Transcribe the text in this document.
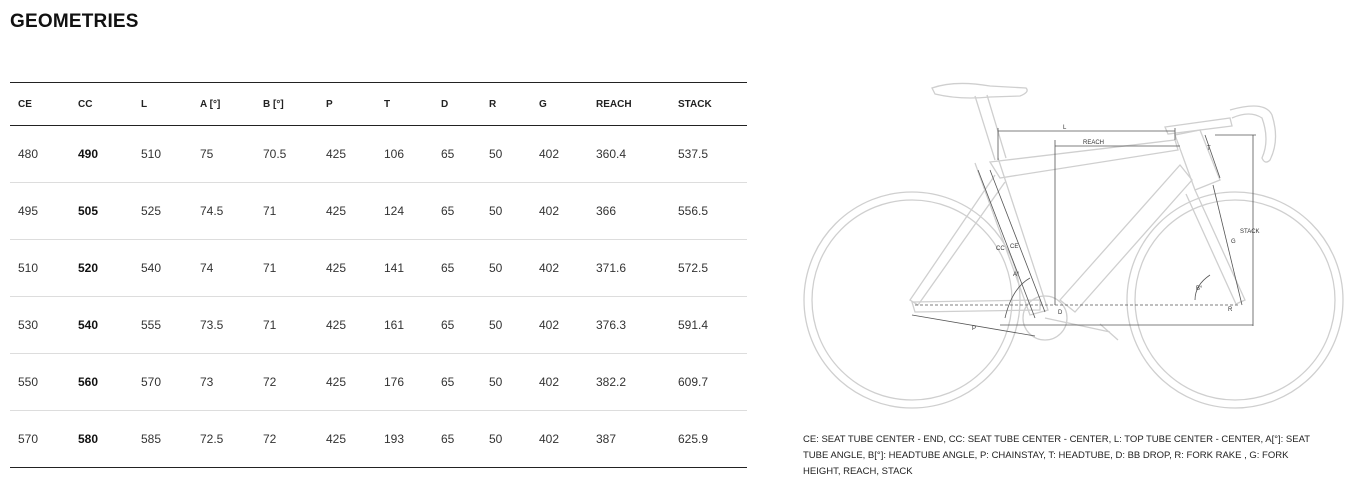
GEOMETRIES
CE	CC	L	A [°]	B [°]	P	T	D	R	G	REACH	STACK
480	490	510	75	70.5	425	106	65	50	402	360.4	537.5
495	505	525	74.5	71	425	124	65	50	402	366	556.5
510	520	540	74	71	425	141	65	50	402	371.6	572.5
530	540	555	73.5	71	425	161	65	50	402	376.3	591.4
550	560	570	73	72	425	176	65	50	402	382.2	609.7
570	580	585	72.5	72	425	193	65	50	402	387	625.9
L
REACH
T
STACK
G
CC CE
A°
B°
D
P
R
CE: SEAT TUBE CENTER - END, CC: SEAT TUBE CENTER - CENTER, L: TOP TUBE CENTER - CENTER, A[°]: SEAT TUBE ANGLE, B[°]: HEADTUBE ANGLE, P: CHAINSTAY, T: HEADTUBE, D: BB DROP, R: FORK RAKE , G: FORK HEIGHT, REACH, STACK
